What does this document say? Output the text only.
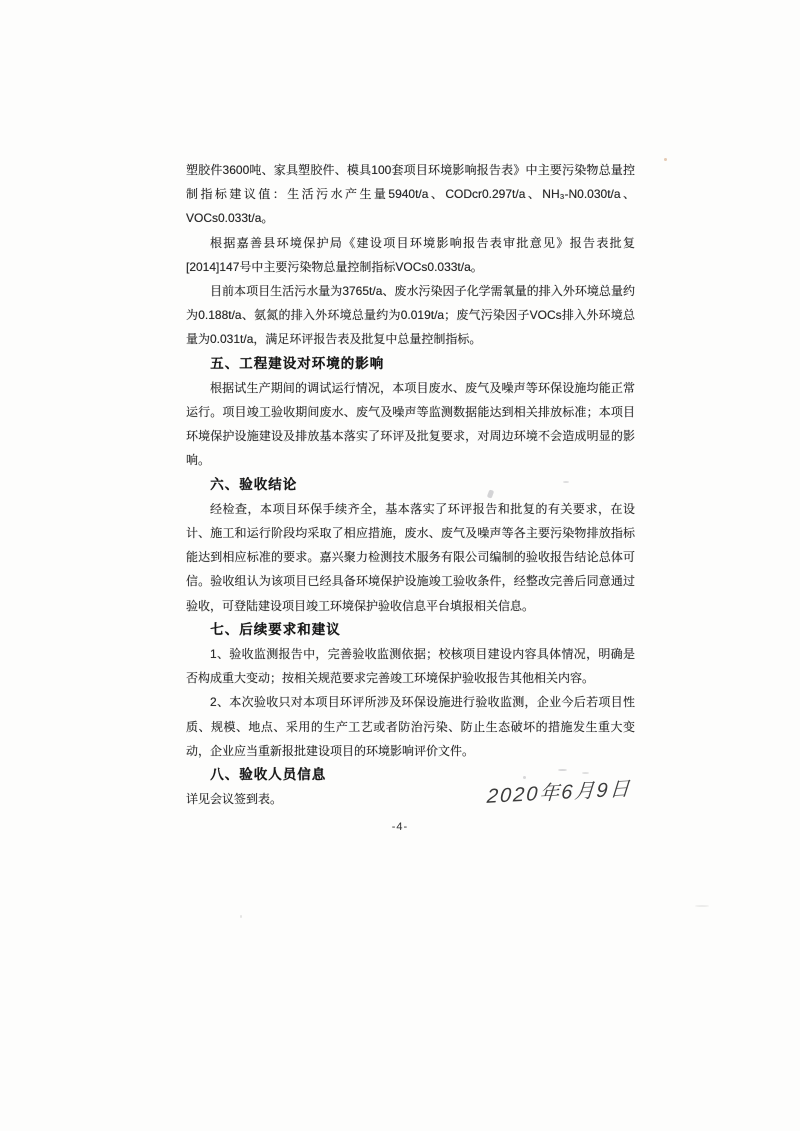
塑胶件3600吨、家具塑胶件、模具100套项目环境影响报告表》中主要污染物总量控制指标建议值：生活污水产生量5940t/a、CODcr0.297t/a、NH₃-N0.030t/a、VOCs0.033t/a。

根据嘉善县环境保护局《建设项目环境影响报告表审批意见》报告表批复[2014]147号中主要污染物总量控制指标VOCs0.033t/a。

目前本项目生活污水量为3765t/a、废水污染因子化学需氧量的排入外环境总量约为0.188t/a、氨氮的排入外环境总量约为0.019t/a；废气污染因子VOCs排入外环境总量为0.031t/a，满足环评报告表及批复中总量控制指标。

五、工程建设对环境的影响

根据试生产期间的调试运行情况，本项目废水、废气及噪声等环保设施均能正常运行。项目竣工验收期间废水、废气及噪声等监测数据能达到相关排放标准；本项目环境保护设施建设及排放基本落实了环评及批复要求，对周边环境不会造成明显的影响。

六、验收结论

经检查，本项目环保手续齐全，基本落实了环评报告和批复的有关要求，在设计、施工和运行阶段均采取了相应措施，废水、废气及噪声等各主要污染物排放指标能达到相应标准的要求。嘉兴聚力检测技术服务有限公司编制的验收报告结论总体可信。验收组认为该项目已经具备环境保护设施竣工验收条件，经整改完善后同意通过验收，可登陆建设项目竣工环境保护验收信息平台填报相关信息。

七、后续要求和建议

1、验收监测报告中，完善验收监测依据；校核项目建设内容具体情况，明确是否构成重大变动；按相关规范要求完善竣工环境保护验收报告其他相关内容。

2、本次验收只对本项目环评所涉及环保设施进行验收监测，企业今后若项目性质、规模、地点、采用的生产工艺或者防治污染、防止生态破坏的措施发生重大变动，企业应当重新报批建设项目的环境影响评价文件。

八、验收人员信息

详见会议签到表。	2020年6月9日
-4-
